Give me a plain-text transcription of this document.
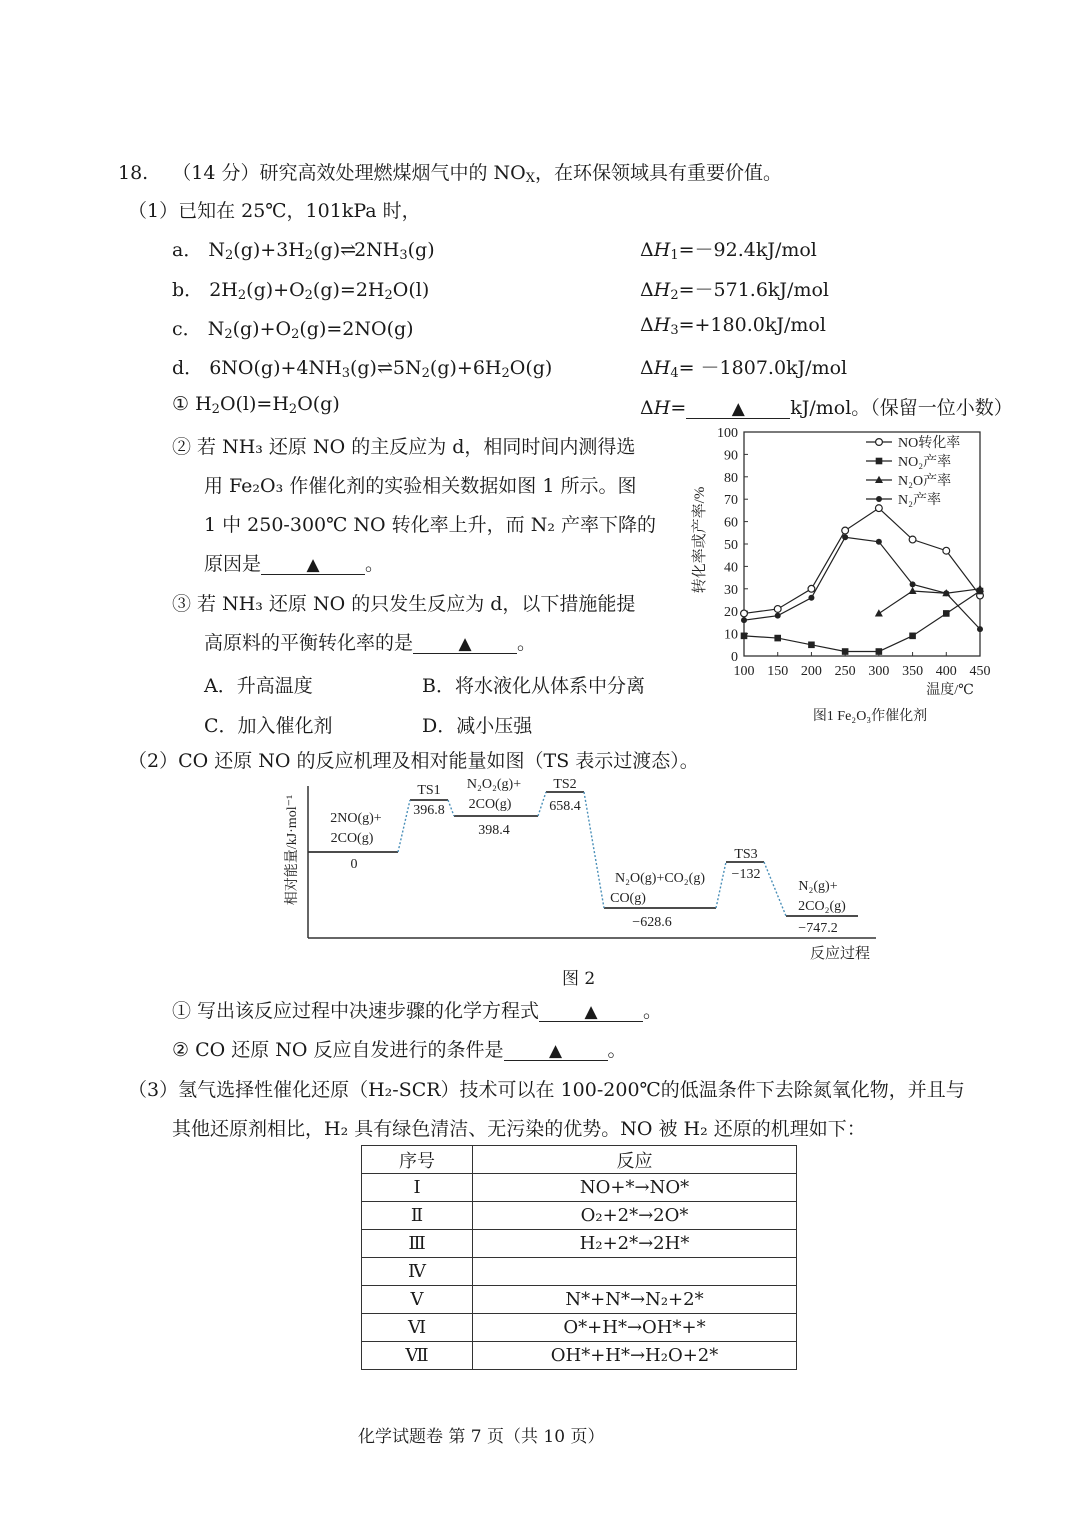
18. （14 分）研究高效处理燃煤烟气中的 $NO_X$，在环保领域具有重要价值。
（1）已知在 25℃，101kPa 时，
a． $N_2(g)+3H_2(g)\rightleftharpoons 2NH_3(g)$	$\Delta H_1=-92.4kJ$/mol
b． $2H_2(g)+O_2(g)=2H_2O(l)$	$\Delta H_2=-571.6kJ$/mol
c． $N_2(g)+O_2(g)=2NO(g)$	$\Delta H_3=+180.0kJ$/mol
d． $6NO(g)+4NH_3(g)\rightleftharpoons 5N_2(g)+6H_2O(g)$	$\Delta H_4= -1807.0kJ/mol$
① $H_2O(l)=H_2O(g)$	ΔH=	▲ kJ/mol。（保留一位小数）
② 若 NH₃ 还原 NO 的主反应为 d，相同时间内测得选
用 Fe₂O₃ 作催化剂的实验相关数据如图 1 所示。图
1 中 250-300℃ NO 转化率上升，而 N₂ 产率下降的
原因是	▲ 。
③ 若 NH₃ 还原 NO 的只发生反应为 d，以下措施能提
高原料的平衡转化率的是	▲ 。
A．升高温度	B．将水液化从体系中分离
C．加入催化剂	D．减小压强
0
10
20
30
40
50
60
70
80
90
100
100 150 200 250 300 350 400 450
NO转化率
NO₂产率
N₂O产率
N₂产率
温度/℃
图1 Fe₂O₃作催化剂
转化率或产率/%
（2）CO 还原 NO 的反应机理及相对能量如图（TS 表示过渡态）。
相对能量/kJ·mol⁻¹
反应过程
2NO(g)+
2CO(g)
0
TS1
396.8
N₂O₂(g)+
2CO(g)
398.4
TS2
658.4
N₂O(g)+CO₂(g)
CO(g)
−628.6
TS3
−132
N₂(g)+
2CO₂(g)
−747.2
图 2
① 写出该反应过程中决速步骤的化学方程式	▲ 。
② CO 还原 NO 反应自发进行的条件是	▲ 。
（3）氢气选择性催化还原（H₂-SCR）技术可以在 100-200℃的低温条件下去除氮氧化物，并且与
其他还原剂相比，H₂ 具有绿色清洁、无污染的优势。NO 被 H₂ 还原的机理如下：
序号	反应
Ⅰ	NO+*→NO*
Ⅱ	O₂+2*→2O*
Ⅲ	H₂+2*→2H*
Ⅳ	
Ⅴ	N*+N*→N₂+2*
Ⅵ	O*+H*→OH*+*
Ⅶ	OH*+H*→H₂O+2*
化学试题卷 第 7 页（共 10 页）
